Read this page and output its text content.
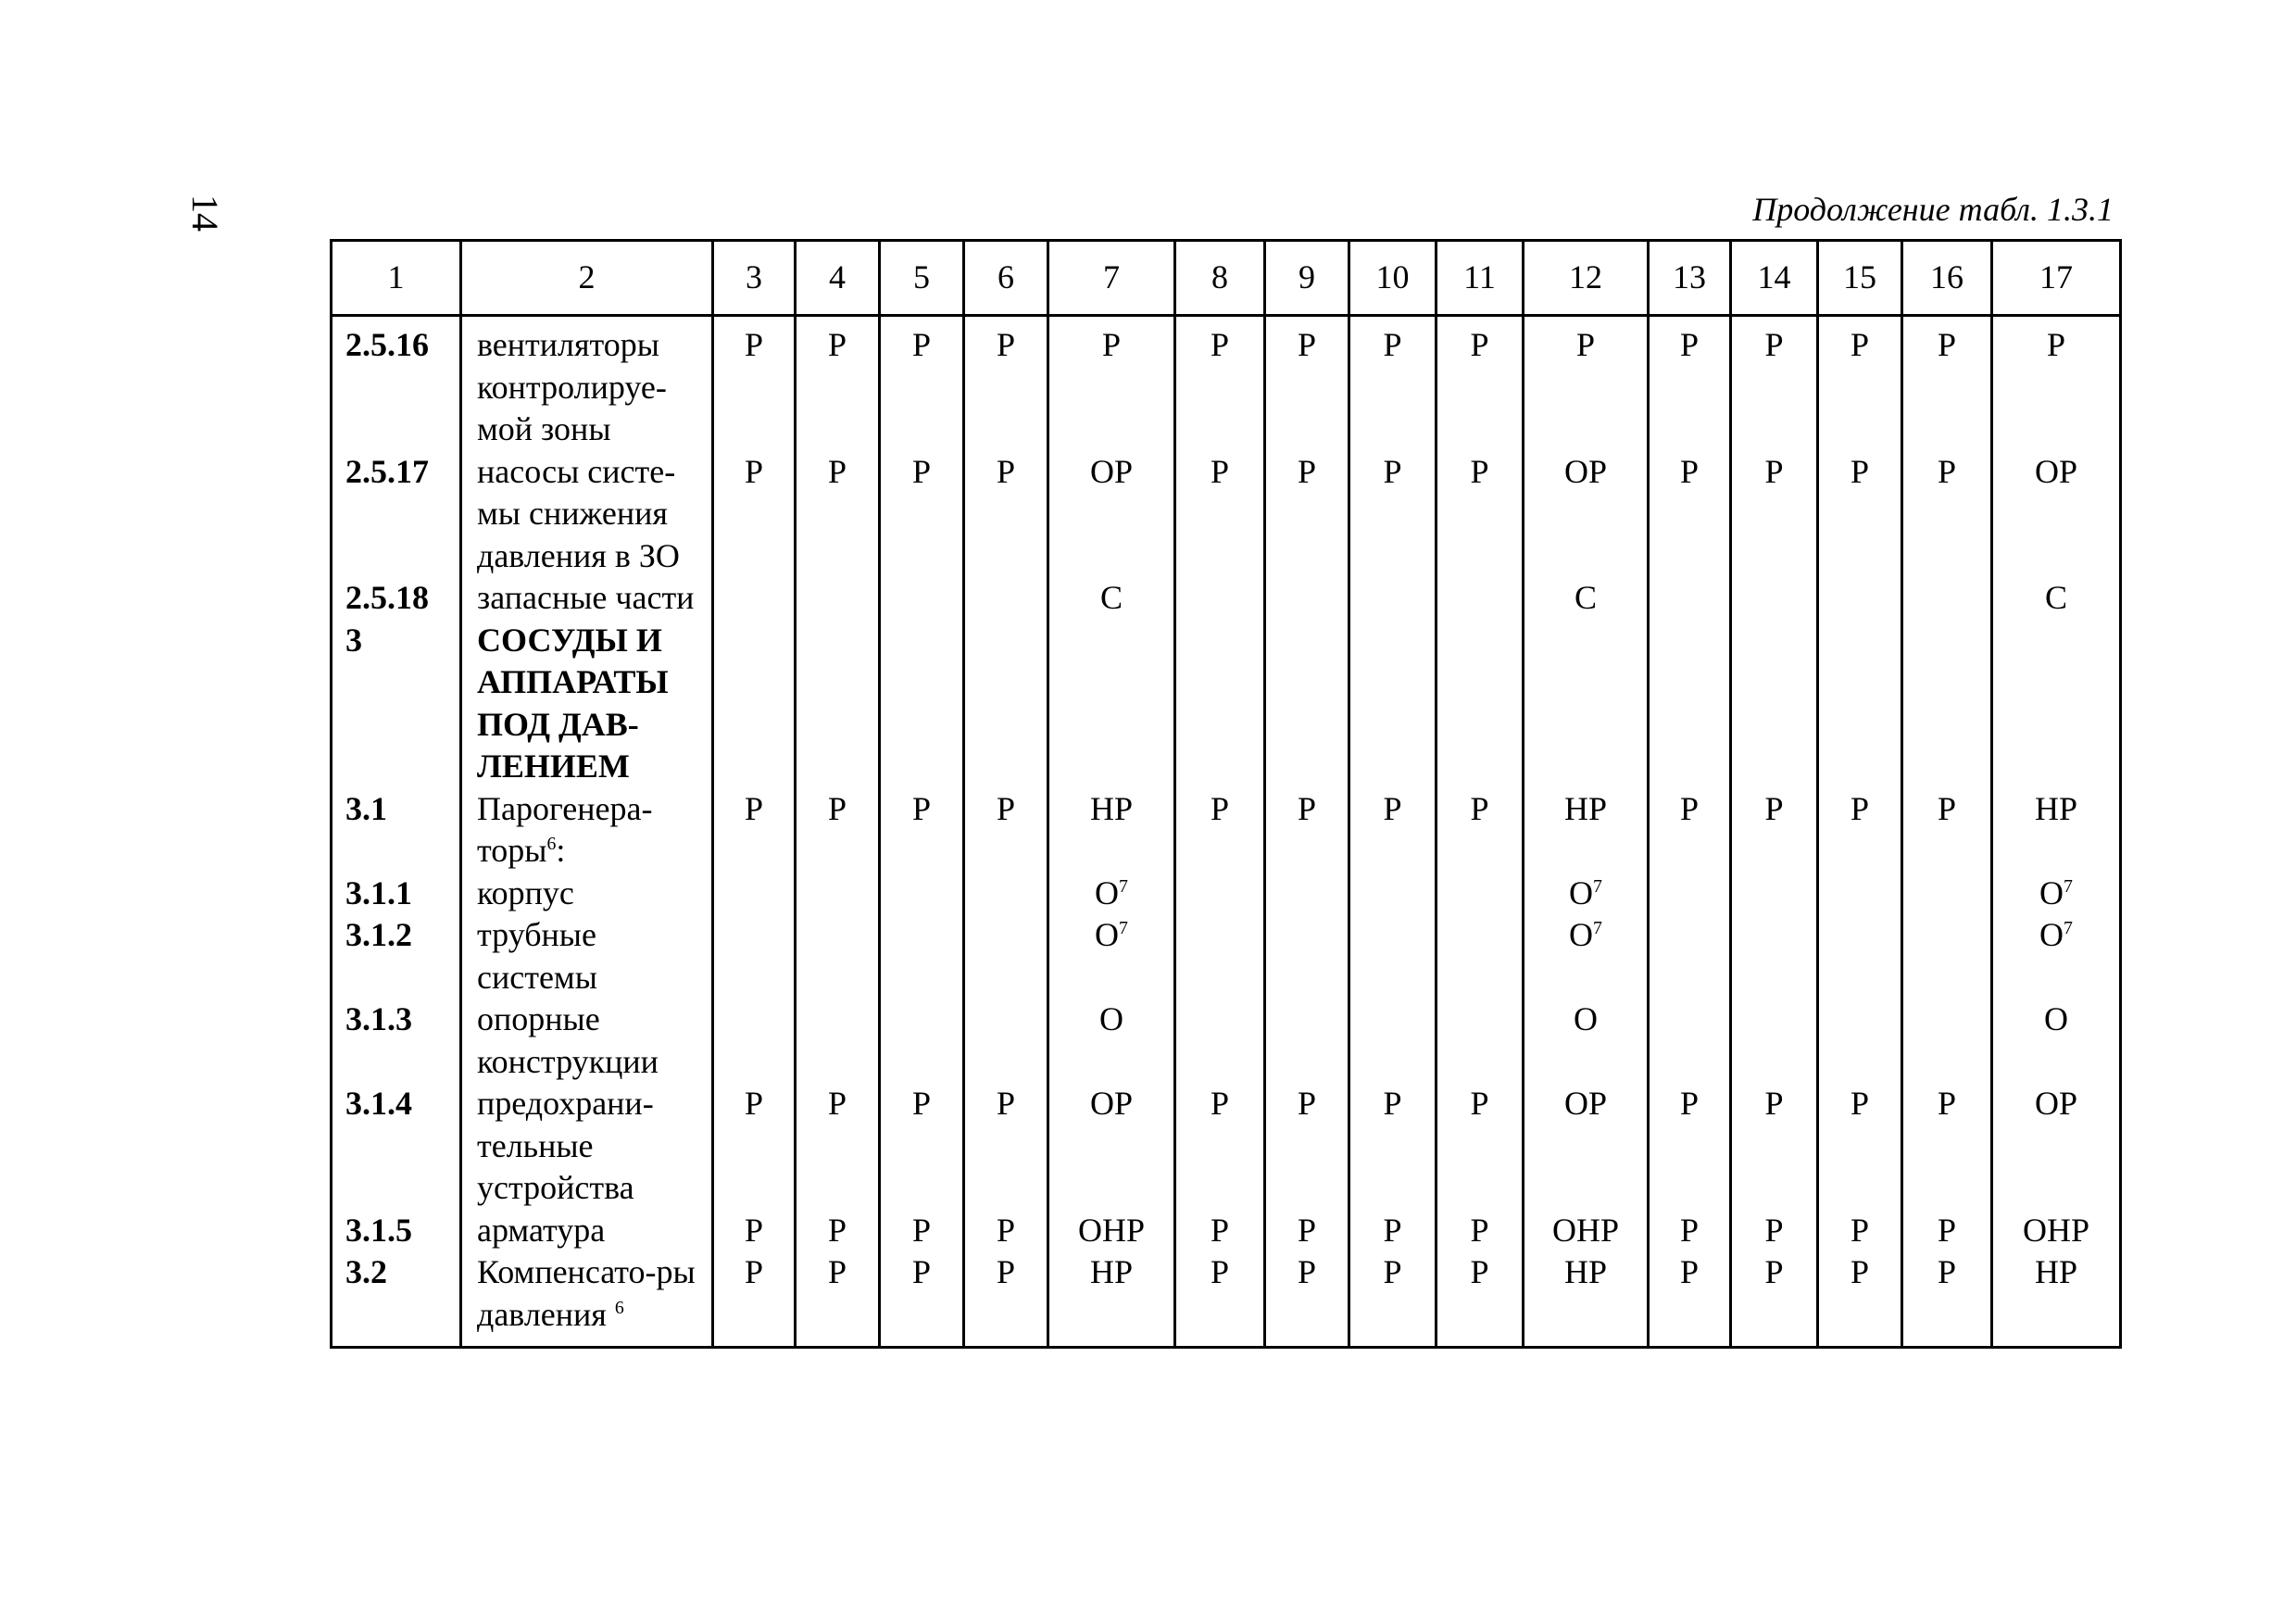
14	Продолжение табл. 1.3.1
1	2	3	4	5	6	7	8	9	10	11	12	13	14	15	16	17
2.5.16	вентиляторы контролируе-мой зоны	Р	Р	Р	Р	Р	Р	Р	Р	Р	Р	Р	Р	Р	Р	Р
2.5.17	насосы систе-мы снижения давления в ЗО	Р	Р	Р	Р	ОР	Р	Р	Р	Р	ОР	Р	Р	Р	Р	ОР
2.5.18	запасные части					С					С					С
3	СОСУДЫ И АППАРАТЫ ПОД ДАВ-ЛЕНИЕМ															
3.1	Парогенера-торы$^6$:	Р	Р	Р	Р	НР	Р	Р	Р	Р	НР	Р	Р	Р	Р	НР
3.1.1	корпус					$О^7$					$О^7$					$О^7$
3.1.2	трубные системы					$О^7$					$О^7$					$О^7$
3.1.3	опорные конструкции					О					О					О
3.1.4	предохрани-тельные устройства	Р	Р	Р	Р	ОР	Р	Р	Р	Р	ОР	Р	Р	Р	Р	ОР
3.1.5	арматура	Р	Р	Р	Р	ОНР	Р	Р	Р	Р	ОНР	Р	Р	Р	Р	ОНР
3.2	Компенсато-ры давления $^6$	Р	Р	Р	Р	НР	Р	Р	Р	Р	НР	Р	Р	Р	Р	НР
